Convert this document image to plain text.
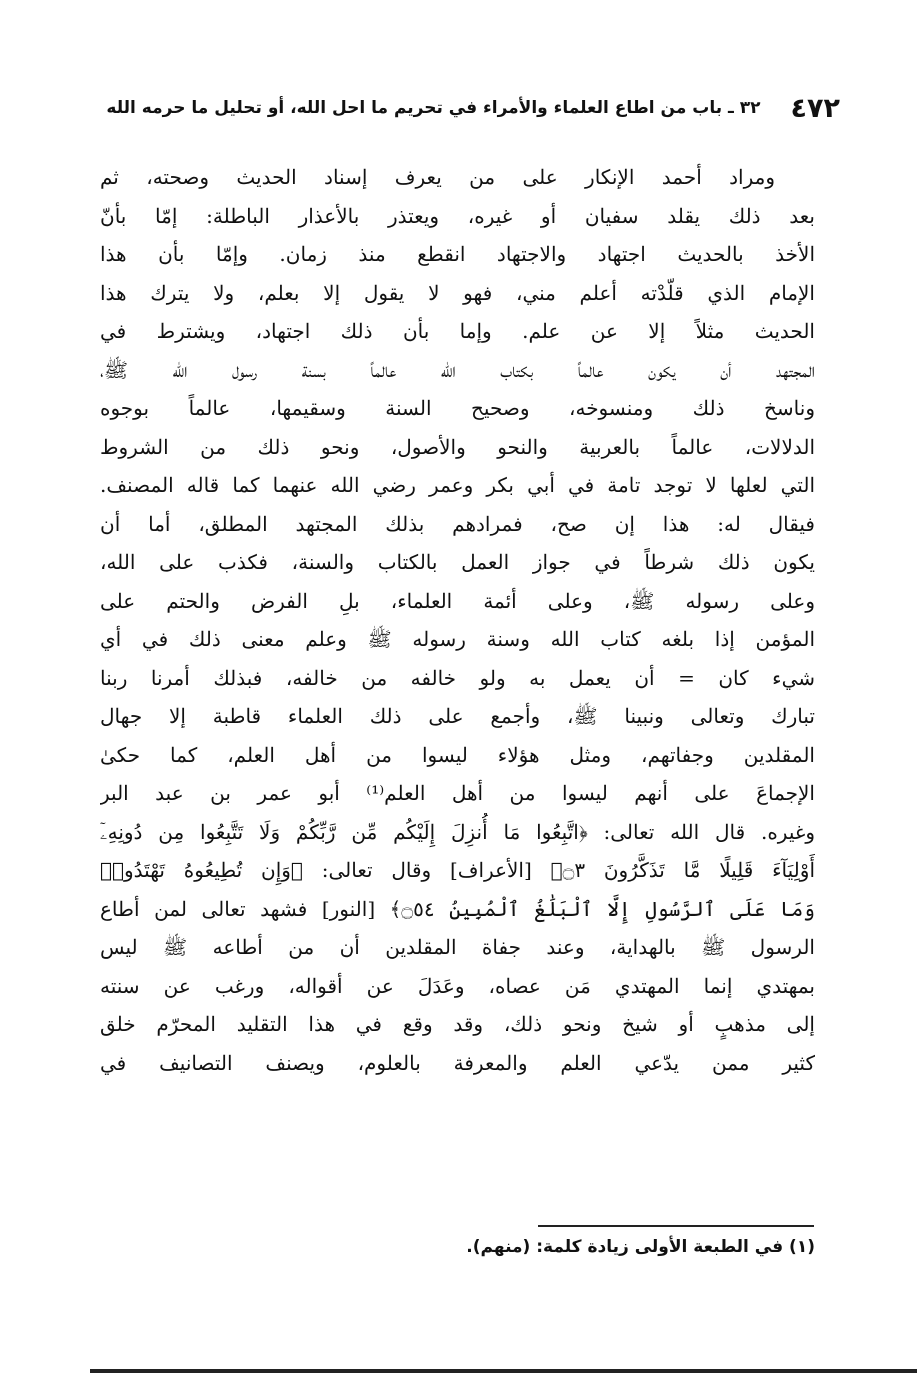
٤٧٢
٣٢ ـ باب من اطاع العلماء والأمراء في تحريم ما احل الله، أو تحليل ما حرمه الله
ومراد أحمد الإنكار على من يعرف إسناد الحديث وصحته، ثم
بعد ذلك يقلد سفيان أو غيره، ويعتذر بالأعذار الباطلة: إمّا بأنّ
الأخذ بالحديث اجتهاد والاجتهاد انقطع منذ زمان. وإمّا بأن هذا
الإمام الذي قلّدْته أعلم مني، فهو لا يقول إلا بعلم، ولا يترك هذا
الحديث مثلاً إلا عن علم. وإما بأن ذلك اجتهاد، ويشترط في
المجتهد أن يكون عالماً بكتاب الله عالماً بسنة رسول الله ﷺ،
وناسخ ذلك ومنسوخه، وصحيح السنة وسقيمها، عالماً بوجوه
الدلالات، عالماً بالعربية والنحو والأصول، ونحو ذلك من الشروط
التي لعلها لا توجد تامة في أبي بكر وعمر رضي الله عنهما كما قاله المصنف.
فيقال له: هذا إن صح، فمرادهم بذلك المجتهد المطلق، أما أن
يكون ذلك شرطاً في جواز العمل بالكتاب والسنة، فكذب على الله،
وعلى رسوله ﷺ، وعلى أئمة العلماء، بلِ الفرض والحتم على
المؤمن إذا بلغه كتاب الله وسنة رسوله ﷺ وعلم معنى ذلك في أي
شيء كان = أن يعمل به ولو خالفه من خالفه، فبذلك أمرنا ربنا
تبارك وتعالى ونبينا ﷺ، وأجمع على ذلك العلماء قاطبة إلا جهال
المقلدين وجفاتهم، ومثل هؤلاء ليسوا من أهل العلم، كما حكىٰ
الإجماعَ على أنهم ليسوا من أهل العلم⁽¹⁾ أبو عمر بن عبد البر
وغيره. قال الله تعالى: ﴿اتَّبِعُوا مَا أُنزِلَ إِلَيْكُم مِّن رَّبِّكُمْ وَلَا تَتَّبِعُوا مِن دُونِهِۦٓ
أَوْلِيَآءَ قَلِيلًا مَّا تَذَكَّرُونَ ۝٣﴾ [الأعراف] وقال تعالى: ﴿وَإِن تُطِيعُوهُ تَهْتَدُوا۟
وَمَا عَلَى ٱلرَّسُولِ إِلَّا ٱلْبَلَٰغُ ٱلْمُبِينُ ۝٥٤﴾ [النور] فشهد تعالى لمن أطاع
الرسول ﷺ بالهداية، وعند جفاة المقلدين أن من أطاعه ﷺ ليس
بمهتدي إنما المهتدي مَن عصاه، وعَدَلَ عن أقواله، ورغب عن سنته
إلى مذهبٍ أو شيخ ونحو ذلك، وقد وقع في هذا التقليد المحرّم خلق
كثير ممن يدّعي العلم والمعرفة بالعلوم، ويصنف التصانيف في
(١) في الطبعة الأولى زيادة كلمة: (منهم).
